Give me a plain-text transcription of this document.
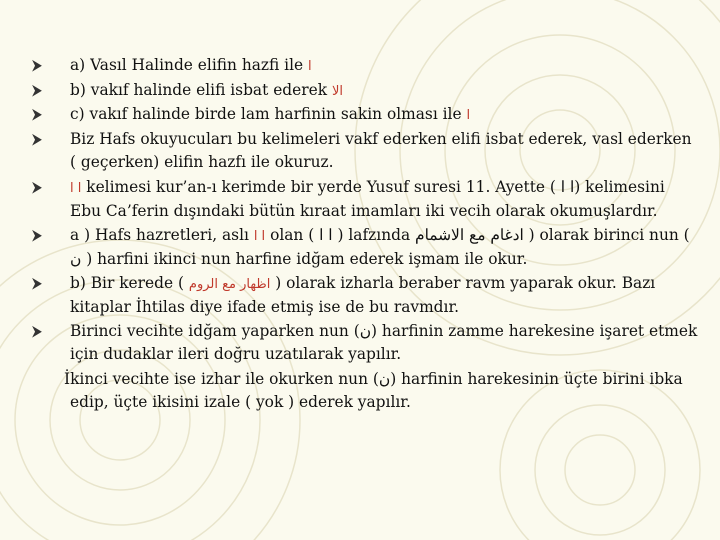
a) Vasıl Halinde elifin hazfi ile ا
b) vakıf halinde elifi isbat ederek الا
c) vakıf halinde birde lam harfinin sakin olması ile ا
Biz Hafs okuyucuları bu kelimeleri vakf ederken elifi isbat ederek, vasl ederken ( geçerken) elifin hazfı ile okuruz.
ا ا kelimesi kur’an-ı kerimde bir yerde Yusuf suresi 11. Ayette ( ا ا) kelimesini Ebu Ca’ferin dışındaki bütün kıraat imamları iki vecih olarak okumuşlardır.
a ) Hafs hazretleri, aslı ا ا olan ( ا ا ) lafzında ادغام مع الاشمام ) olarak birinci nun ( ن ) harfini ikinci nun harfine idğam ederek işmam ile okur.
b) Bir kerede ( اظهار مع الروم ) olarak izharla beraber ravm yaparak okur. Bazı kitaplar İhtilas diye ifade etmiş ise de bu ravmdır.
Birinci vecihte idğam yaparken nun (ن) harfinin zamme harekesine işaret etmek için dudaklar ileri doğru uzatılarak yapılır.
İkinci vecihte ise izhar ile okurken nun (ن) harfinin harekesinin üçte birini ibka edip, üçte ikisini izale ( yok ) ederek yapılır.
